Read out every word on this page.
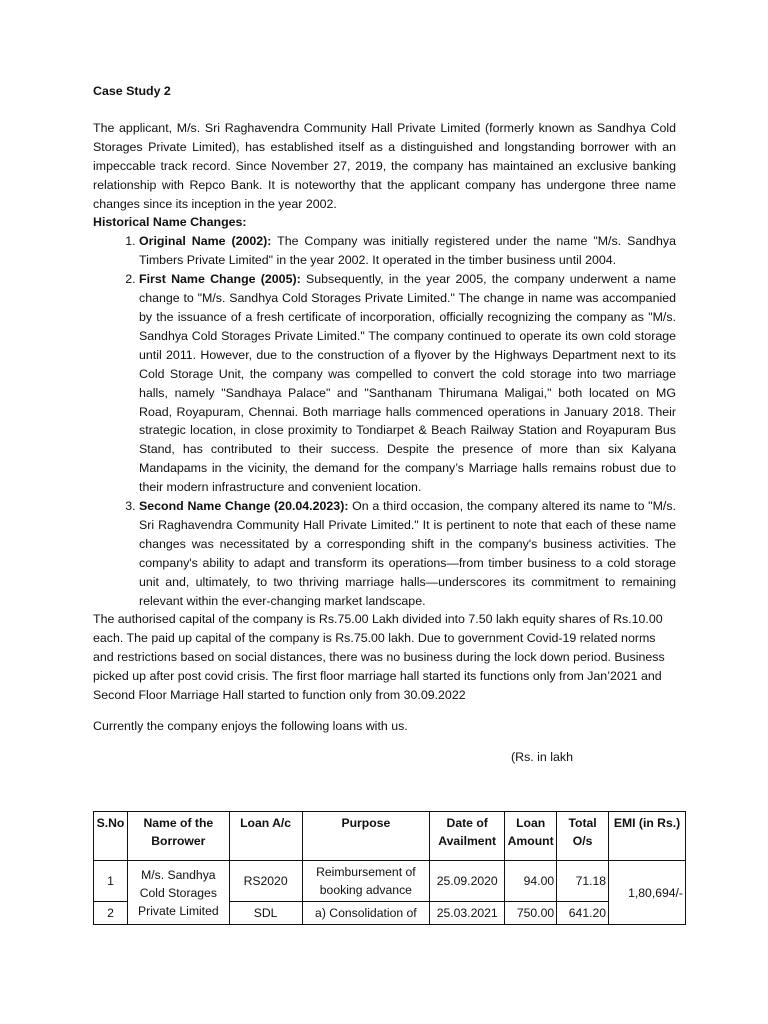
Case Study 2

The applicant, M/s. Sri Raghavendra Community Hall Private Limited (formerly known as Sandhya Cold Storages Private Limited), has established itself as a distinguished and longstanding borrower with an impeccable track record. Since November 27, 2019, the company has maintained an exclusive banking relationship with Repco Bank. It is noteworthy that the applicant company has undergone three name changes since its inception in the year 2002.

Historical Name Changes:
1. Original Name (2002): The Company was initially registered under the name "M/s. Sandhya Timbers Private Limited" in the year 2002. It operated in the timber business until 2004.
2. First Name Change (2005): Subsequently, in the year 2005, the company underwent a name change to "M/s. Sandhya Cold Storages Private Limited." The change in name was accompanied by the issuance of a fresh certificate of incorporation, officially recognizing the company as "M/s. Sandhya Cold Storages Private Limited." The company continued to operate its own cold storage until 2011. However, due to the construction of a flyover by the Highways Department next to its Cold Storage Unit, the company was compelled to convert the cold storage into two marriage halls, namely "Sandhaya Palace" and "Santhanam Thirumana Maligai," both located on MG Road, Royapuram, Chennai. Both marriage halls commenced operations in January 2018. Their strategic location, in close proximity to Tondiarpet & Beach Railway Station and Royapuram Bus Stand, has contributed to their success. Despite the presence of more than six Kalyana Mandapams in the vicinity, the demand for the company’s Marriage halls remains robust due to their modern infrastructure and convenient location.
3. Second Name Change (20.04.2023): On a third occasion, the company altered its name to "M/s. Sri Raghavendra Community Hall Private Limited." It is pertinent to note that each of these name changes was necessitated by a corresponding shift in the company's business activities. The company's ability to adapt and transform its operations—from timber business to a cold storage unit and, ultimately, to two thriving marriage halls—underscores its commitment to remaining relevant within the ever-changing market landscape.

The authorised capital of the company is Rs.75.00 Lakh divided into 7.50 lakh equity shares of Rs.10.00 each. The paid up capital of the company is Rs.75.00 lakh. Due to government Covid-19 related norms and restrictions based on social distances, there was no business during the lock down period. Business picked up after post covid crisis. The first floor marriage hall started its functions only from Jan’2021 and Second Floor Marriage Hall started to function only from 30.09.2022

Currently the company enjoys the following loans with us.

(Rs. in lakh
S.No	Name of the Borrower	Loan A/c	Purpose	Date of Availment	Loan Amount	Total O/s	EMI (in Rs.)
1	M/s. Sandhya Cold Storages Private Limited	RS2020	Reimbursement of booking advance	25.09.2020	94.00	71.18	1,80,694/-
2		SDL	a) Consolidation of	25.03.2021	750.00	641.20	
